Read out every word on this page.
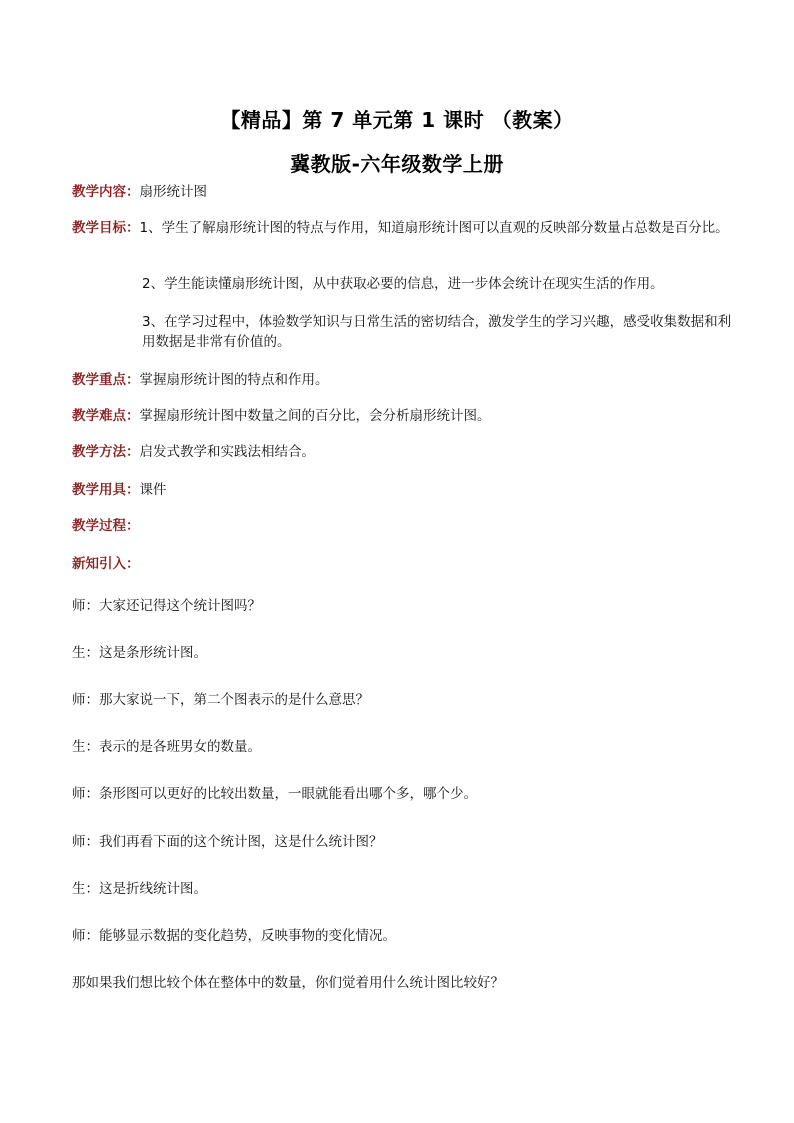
【精品】第 7 单元第 1 课时 （教案）
冀教版-六年级数学上册
教学内容：扇形统计图
教学目标：1、学生了解扇形统计图的特点与作用，知道扇形统计图可以直观的反映部分数量占总数是百分比。
2、学生能读懂扇形统计图，从中获取必要的信息，进一步体会统计在现实生活的作用。
3、在学习过程中，体验数学知识与日常生活的密切结合，激发学生的学习兴趣，感受收集数据和利用数据是非常有价值的。
教学重点：掌握扇形统计图的特点和作用。
教学难点：掌握扇形统计图中数量之间的百分比，会分析扇形统计图。
教学方法：启发式教学和实践法相结合。
教学用具：课件
教学过程：
新知引入：
师：大家还记得这个统计图吗？
生：这是条形统计图。
师：那大家说一下，第二个图表示的是什么意思？
生：表示的是各班男女的数量。
师：条形图可以更好的比较出数量，一眼就能看出哪个多，哪个少。
师：我们再看下面的这个统计图，这是什么统计图？
生：这是折线统计图。
师：能够显示数据的变化趋势，反映事物的变化情况。
那如果我们想比较个体在整体中的数量，你们觉着用什么统计图比较好？
